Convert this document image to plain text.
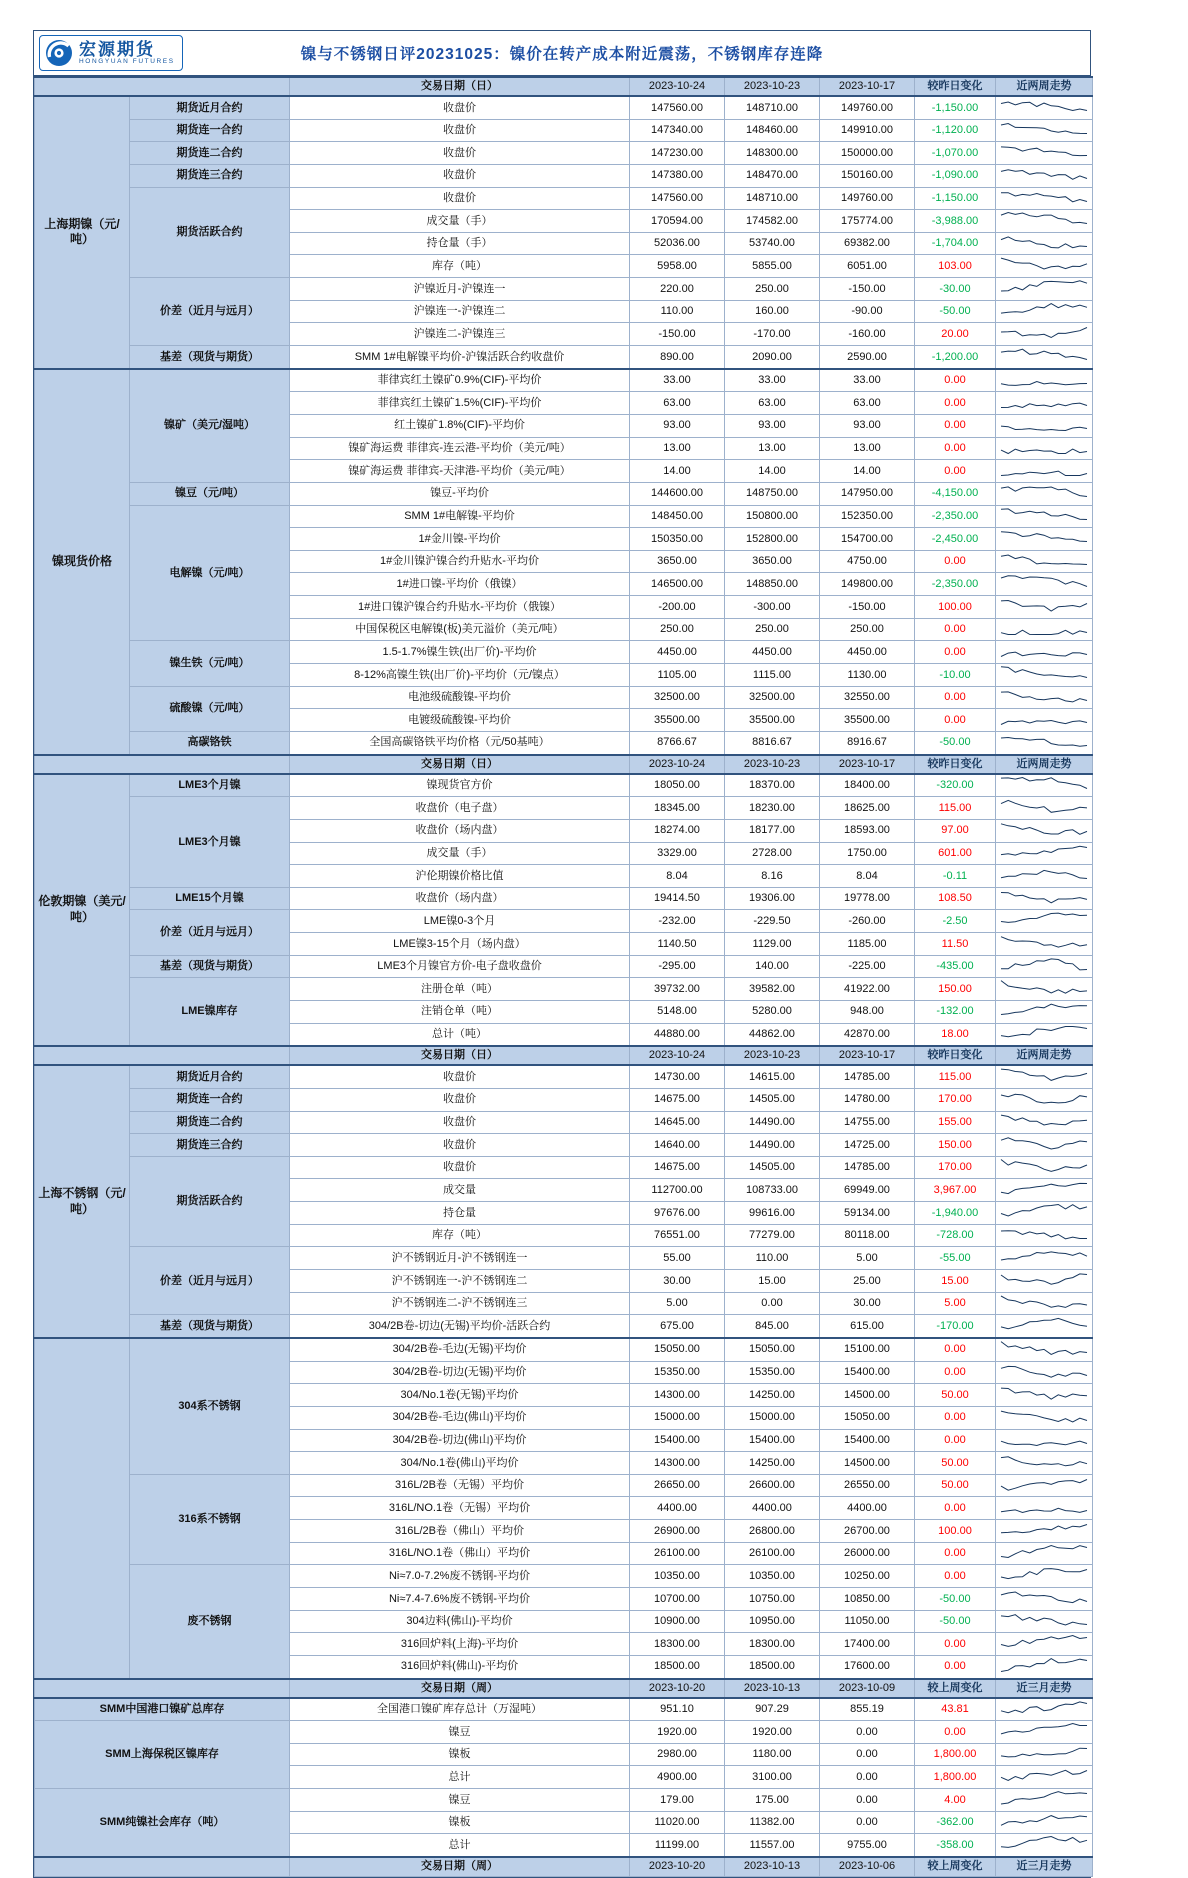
宏源期货
HONGYUAN FUTURES	镍与不锈钢日评20231025：镍价在转产成本附近震荡，不锈钢库存连降
		交易日期（日）	2023-10-24	2023-10-23	2023-10-17	较昨日变化	近两周走势
上海期镍（元/吨）	期货近月合约	收盘价	147560.00	148710.00	149760.00	-1,150.00	
	期货连一合约	收盘价	147340.00	148460.00	149910.00	-1,120.00	
	期货连二合约	收盘价	147230.00	148300.00	150000.00	-1,070.00	
	期货连三合约	收盘价	147380.00	148470.00	150160.00	-1,090.00	
	期货活跃合约	收盘价	147560.00	148710.00	149760.00	-1,150.00	
		成交量（手）	170594.00	174582.00	175774.00	-3,988.00	
		持仓量（手）	52036.00	53740.00	69382.00	-1,704.00	
		库存（吨）	5958.00	5855.00	6051.00	103.00	
	价差（近月与远月）	沪镍近月-沪镍连一	220.00	250.00	-150.00	-30.00	
		沪镍连一-沪镍连二	110.00	160.00	-90.00	-50.00	
		沪镍连二-沪镍连三	-150.00	-170.00	-160.00	20.00	
	基差（现货与期货）	SMM 1#电解镍平均价-沪镍活跃合约收盘价	890.00	2090.00	2590.00	-1,200.00	
镍现货价格	镍矿（美元/湿吨）	菲律宾红土镍矿0.9%(CIF)-平均价	33.00	33.00	33.00	0.00	
		菲律宾红土镍矿1.5%(CIF)-平均价	63.00	63.00	63.00	0.00	
		红土镍矿1.8%(CIF)-平均价	93.00	93.00	93.00	0.00	
		镍矿海运费 菲律宾-连云港-平均价（美元/吨）	13.00	13.00	13.00	0.00	
		镍矿海运费 菲律宾-天津港-平均价（美元/吨）	14.00	14.00	14.00	0.00	
	镍豆（元/吨）	镍豆-平均价	144600.00	148750.00	147950.00	-4,150.00	
	电解镍（元/吨）	SMM 1#电解镍-平均价	148450.00	150800.00	152350.00	-2,350.00	
		1#金川镍-平均价	150350.00	152800.00	154700.00	-2,450.00	
		1#金川镍沪镍合约升贴水-平均价	3650.00	3650.00	4750.00	0.00	
		1#进口镍-平均价（俄镍）	146500.00	148850.00	149800.00	-2,350.00	
		1#进口镍沪镍合约升贴水-平均价（俄镍）	-200.00	-300.00	-150.00	100.00	
		中国保税区电解镍(板)美元溢价（美元/吨）	250.00	250.00	250.00	0.00	
	镍生铁（元/吨）	1.5-1.7%镍生铁(出厂价)-平均价	4450.00	4450.00	4450.00	0.00	
		8-12%高镍生铁(出厂价)-平均价（元/镍点）	1105.00	1115.00	1130.00	-10.00	
	硫酸镍（元/吨）	电池级硫酸镍-平均价	32500.00	32500.00	32550.00	0.00	
		电镀级硫酸镍-平均价	35500.00	35500.00	35500.00	0.00	
	高碳铬铁	全国高碳铬铁平均价格（元/50基吨）	8766.67	8816.67	8916.67	-50.00	
		交易日期（日）	2023-10-24	2023-10-23	2023-10-17	较昨日变化	近两周走势
伦敦期镍（美元/吨）	LME3个月镍	镍现货官方价	18050.00	18370.00	18400.00	-320.00	
	LME3个月镍	收盘价（电子盘）	18345.00	18230.00	18625.00	115.00	
		收盘价（场内盘）	18274.00	18177.00	18593.00	97.00	
		成交量（手）	3329.00	2728.00	1750.00	601.00	
		沪伦期镍价格比值	8.04	8.16	8.04	-0.11	
	LME15个月镍	收盘价（场内盘）	19414.50	19306.00	19778.00	108.50	
	价差（近月与远月）	LME镍0-3个月	-232.00	-229.50	-260.00	-2.50	
		LME镍3-15个月（场内盘）	1140.50	1129.00	1185.00	11.50	
	基差（现货与期货）	LME3个月镍官方价-电子盘收盘价	-295.00	140.00	-225.00	-435.00	
	LME镍库存	注册仓单（吨）	39732.00	39582.00	41922.00	150.00	
		注销仓单（吨）	5148.00	5280.00	948.00	-132.00	
		总计（吨）	44880.00	44862.00	42870.00	18.00	
		交易日期（日）	2023-10-24	2023-10-23	2023-10-17	较昨日变化	近两周走势
上海不锈钢（元/吨）	期货近月合约	收盘价	14730.00	14615.00	14785.00	115.00	
	期货连一合约	收盘价	14675.00	14505.00	14780.00	170.00	
	期货连二合约	收盘价	14645.00	14490.00	14755.00	155.00	
	期货连三合约	收盘价	14640.00	14490.00	14725.00	150.00	
	期货活跃合约	收盘价	14675.00	14505.00	14785.00	170.00	
		成交量	112700.00	108733.00	69949.00	3,967.00	
		持仓量	97676.00	99616.00	59134.00	-1,940.00	
		库存（吨）	76551.00	77279.00	80118.00	-728.00	
	价差（近月与远月）	沪不锈钢近月-沪不锈钢连一	55.00	110.00	5.00	-55.00	
		沪不锈钢连一-沪不锈钢连二	30.00	15.00	25.00	15.00	
		沪不锈钢连二-沪不锈钢连三	5.00	0.00	30.00	5.00	
	基差（现货与期货）	304/2B卷-切边(无锡)平均价-活跃合约	675.00	845.00	615.00	-170.00	
	304系不锈钢	304/2B卷-毛边(无锡)平均价	15050.00	15050.00	15100.00	0.00	
		304/2B卷-切边(无锡)平均价	15350.00	15350.00	15400.00	0.00	
		304/No.1卷(无锡)平均价	14300.00	14250.00	14500.00	50.00	
		304/2B卷-毛边(佛山)平均价	15000.00	15000.00	15050.00	0.00	
		304/2B卷-切边(佛山)平均价	15400.00	15400.00	15400.00	0.00	
		304/No.1卷(佛山)平均价	14300.00	14250.00	14500.00	50.00	
	316系不锈钢	316L/2B卷（无锡）平均价	26650.00	26600.00	26550.00	50.00	
		316L/NO.1卷（无锡）平均价	4400.00	4400.00	4400.00	0.00	
		316L/2B卷（佛山）平均价	26900.00	26800.00	26700.00	100.00	
		316L/NO.1卷（佛山）平均价	26100.00	26100.00	26000.00	0.00	
	废不锈钢	Ni≈7.0-7.2%废不锈钢-平均价	10350.00	10350.00	10250.00	0.00	
		Ni≈7.4-7.6%废不锈钢-平均价	10700.00	10750.00	10850.00	-50.00	
		304边料(佛山)-平均价	10900.00	10950.00	11050.00	-50.00	
		316回炉料(上海)-平均价	18300.00	18300.00	17400.00	0.00	
		316回炉料(佛山)-平均价	18500.00	18500.00	17600.00	0.00	
		交易日期（周）	2023-10-20	2023-10-13	2023-10-09	较上周变化	近三月走势
SMM中国港口镍矿总库存		全国港口镍矿库存总计（万湿吨）	951.10	907.29	855.19	43.81	
SMM上海保税区镍库存		镍豆	1920.00	1920.00	0.00	0.00	
		镍板	2980.00	1180.00	0.00	1,800.00	
		总计	4900.00	3100.00	0.00	1,800.00	
SMM纯镍社会库存（吨）		镍豆	179.00	175.00	0.00	4.00	
		镍板	11020.00	11382.00	0.00	-362.00	
		总计	11199.00	11557.00	9755.00	-358.00	
		交易日期（周）	2023-10-20	2023-10-13	2023-10-06	较上周变化	近三月走势
